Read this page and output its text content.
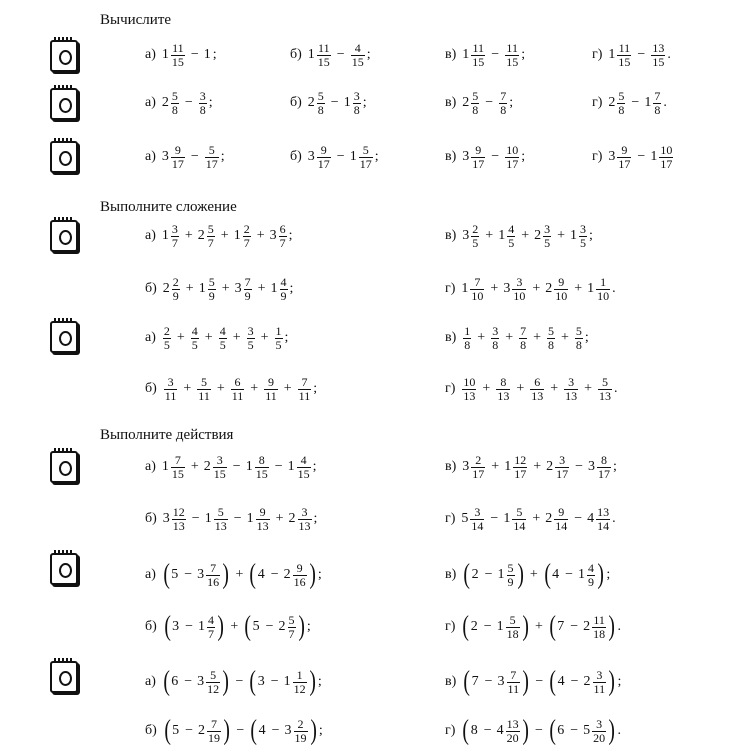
Вычислите
Выполните сложение
Выполните действия
а) $1 \frac{11}{15} - 1$ ;	б) $1 \frac{11}{15} - \frac{4}{15}$ ;	в) $1 \frac{11}{15} - \frac{11}{15}$ ;	г) $1 \frac{11}{15} - \frac{13}{15}$ .
а) $2 \frac{5}{8} - \frac{3}{8}$ ;	б) $2 \frac{5}{8} - 1 \frac{3}{8}$ ;	в) $2 \frac{5}{8} - \frac{7}{8}$ ;	г) $2 \frac{5}{8} - 1 \frac{7}{8}$ .
а) $3 \frac{9}{17} - \frac{5}{17}$ ;	б) $3 \frac{9}{17} - 1 \frac{5}{17}$ ;	в) $3 \frac{9}{17} - \frac{10}{17}$ ;	г) $3 \frac{9}{17} - 1 \frac{10}{17}$
а) $1 \frac{3}{7} + 2 \frac{5}{7} + 1 \frac{2}{7} + 3 \frac{6}{7}$ ;	в) $3 \frac{2}{5} + 1 \frac{4}{5} + 2 \frac{3}{5} + 1 \frac{3}{5}$ ;
б) $2 \frac{2}{9} + 1 \frac{5}{9} + 3 \frac{7}{9} + 1 \frac{4}{9}$ ;	г) $1 \frac{7}{10} + 3 \frac{3}{10} + 2 \frac{9}{10} + 1 \frac{1}{10}$ .
$а) \frac{2}{5} + \frac{4}{5} + \frac{4}{5} + \frac{3}{5} + \frac{1}{5}$ ;	$в) \frac{1}{8} + \frac{3}{8} + \frac{7}{8} + \frac{5}{8} + \frac{5}{8}$ ;
$б) \frac{3}{11} + \frac{5}{11} + \frac{6}{11} + \frac{9}{11} + \frac{7}{11}$ ;	$г) \frac{10}{13} + \frac{8}{13} + \frac{6}{13} + \frac{3}{13} + \frac{5}{13}$ .
а) $1 \frac{7}{15} + 2 \frac{3}{15} - 1 \frac{8}{15} - 1 \frac{4}{15}$ ;	в) $3 \frac{2}{17} + 1 \frac{12}{17} + 2 \frac{3}{17} - 3 \frac{8}{17}$ ;
б) $3 \frac{12}{13} - 1 \frac{5}{13} - 1 \frac{9}{13} + 2 \frac{3}{13}$ ;	г) $5 \frac{3}{14} - 1 \frac{5}{14} + 2 \frac{9}{14} - 4 \frac{13}{14}$ .
а) ( $5 - 3 \frac{7}{16}$ ) + ( $4 - 2 \frac{9}{16}$ ) ;	в) ( $2 - 1 \frac{5}{9}$ ) + ( $4 - 1 \frac{4}{9}$ ) ;
б) ( $3 - 1 \frac{4}{7}$ ) + ( $5 - 2 \frac{5}{7}$ ) ;	г) ( $2 - 1 \frac{5}{18}$ ) + ( $7 - 2 \frac{11}{18}$ ) .
а) ( $6 - 3 \frac{5}{12}$ ) − ( $3 - 1 \frac{1}{12}$ ) ;	в) ( $7 - 3 \frac{7}{11}$ ) − ( $4 - 2 \frac{3}{11}$ ) ;
б) ( $5 - 2 \frac{7}{19}$ ) − ( $4 - 3 \frac{2}{19}$ ) ;	г) ( $8 - 4 \frac{13}{20}$ ) − ( $6 - 5 \frac{3}{20}$ ) .
